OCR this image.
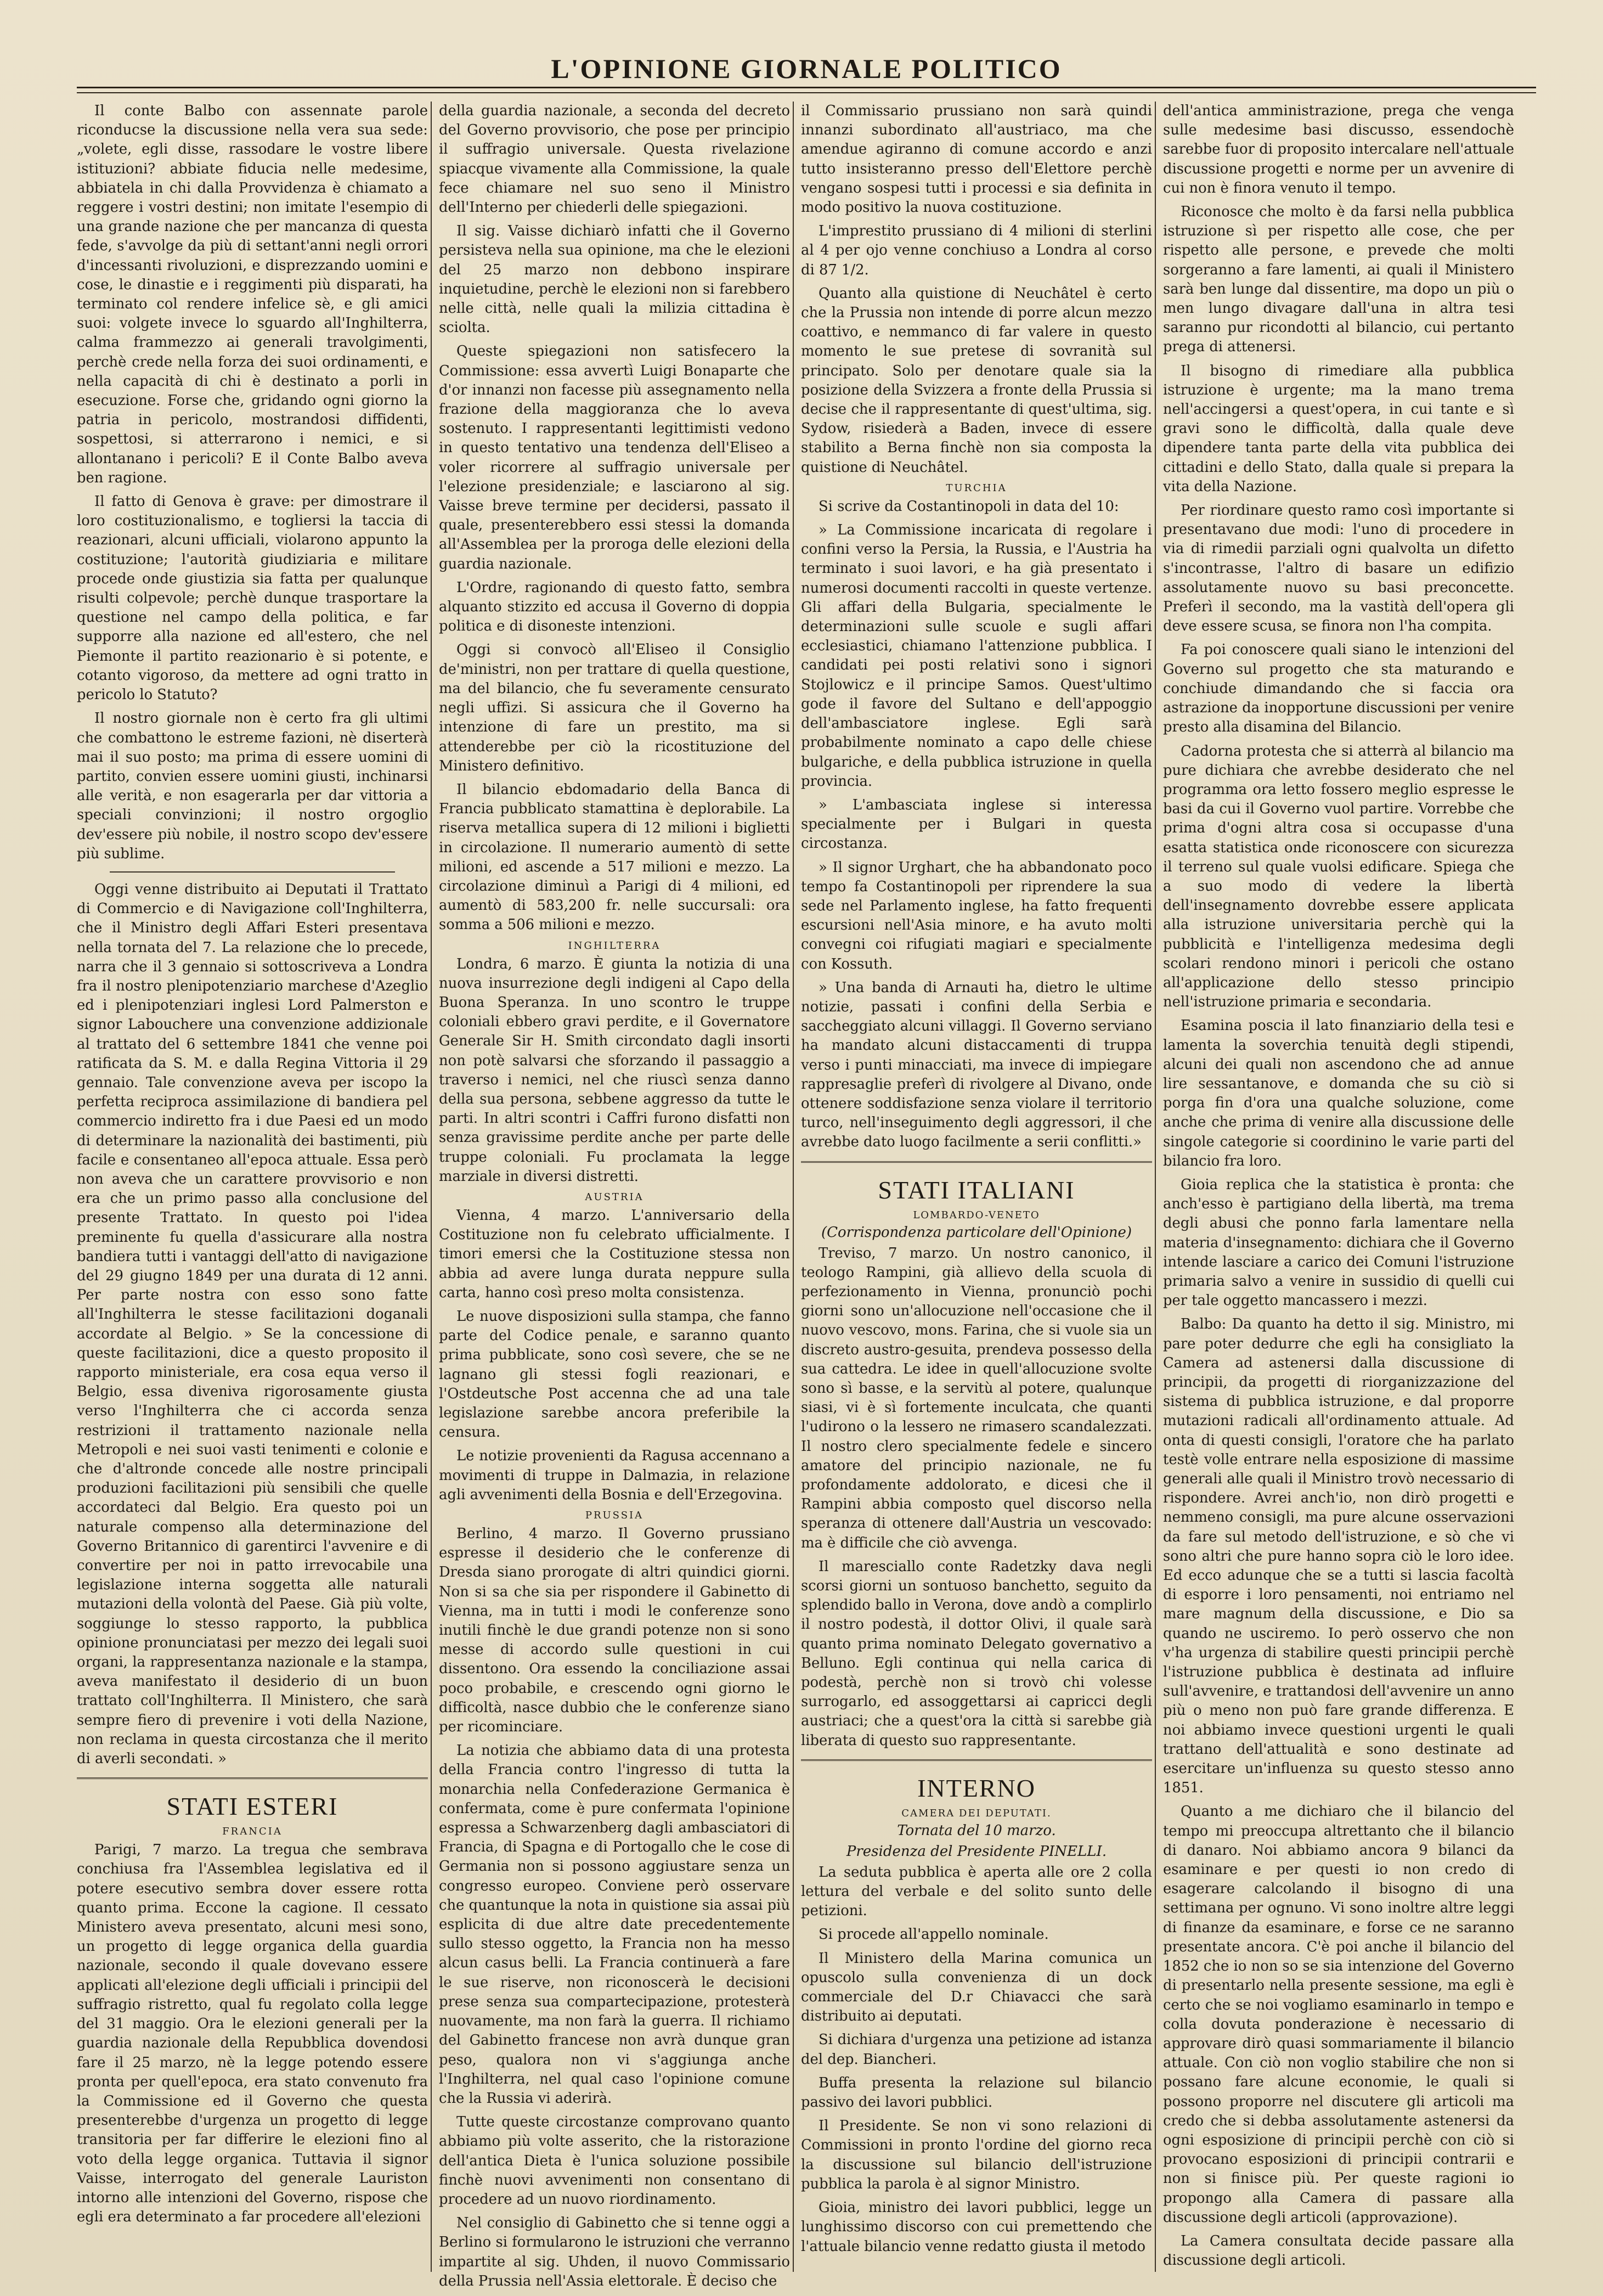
L'OPINIONE GIORNALE POLITICO

Il conte Balbo con assennate parole riconducse la discussione nella vera sua sede: „volete, egli disse, rassodare le vostre libere istituzioni? abbiate fiducia nelle medesime, abbiatela in chi dalla Provvidenza è chiamato a reggere i vostri destini; non imitate l'esempio di una grande nazione che per mancanza di questa fede, s'avvolge da più di settant'anni negli orrori d'incessanti rivoluzioni, e disprezzando uomini e cose, le dinastie e i reggimenti più disparati, ha terminato col rendere infelice sè, e gli amici suoi: volgete invece lo sguardo all'Inghilterra, calma frammezzo ai generali travolgimenti, perchè crede nella forza dei suoi ordinamenti, e nella capacità di chi è destinato a porli in esecuzione. Forse che, gridando ogni giorno la patria in pericolo, mostrandosi diffidenti, sospettosi, si atterrarono i nemici, e si allontanano i pericoli? E il Conte Balbo aveva ben ragione.

Il fatto di Genova è grave: per dimostrare il loro costituzionalismo, e togliersi la taccia di reazionari, alcuni ufficiali, violarono appunto la costituzione; l'autorità giudiziaria e militare procede onde giustizia sia fatta per qualunque risulti colpevole; perchè dunque trasportare la questione nel campo della politica, e far supporre alla nazione ed all'estero, che nel Piemonte il partito reazionario è si potente, e cotanto vigoroso, da mettere ad ogni tratto in pericolo lo Statuto?

Il nostro giornale non è certo fra gli ultimi che combattono le estreme fazioni, nè diserterà mai il suo posto; ma prima di essere uomini di partito, convien essere uomini giusti, inchinarsi alle verità, e non esagerarla per dar vittoria a speciali convinzioni; il nostro orgoglio dev'essere più nobile, il nostro scopo dev'essere più sublime.

Oggi venne distribuito ai Deputati il Trattato di Commercio e di Navigazione coll'Inghilterra, che il Ministro degli Affari Esteri presentava nella tornata del 7. La relazione che lo precede, narra che il 3 gennaio si sottoscriveva a Londra fra il nostro plenipotenziario marchese d'Azeglio ed i plenipotenziari inglesi Lord Palmerston e signor Labouchere una convenzione addizionale al trattato del 6 settembre 1841 che venne poi ratificata da S. M. e dalla Regina Vittoria il 29 gennaio. Tale convenzione aveva per iscopo la perfetta reciproca assimilazione di bandiera pel commercio indiretto fra i due Paesi ed un modo di determinare la nazionalità dei bastimenti, più facile e consentaneo all'epoca attuale. Essa però non aveva che un carattere provvisorio e non era che un primo passo alla conclusione del presente Trattato. In questo poi l'idea preminente fu quella d'assicurare alla nostra bandiera tutti i vantaggi dell'atto di navigazione del 29 giugno 1849 per una durata di 12 anni. Per parte nostra con esso sono fatte all'Inghilterra le stesse facilitazioni doganali accordate al Belgio. » Se la concessione di queste facilitazioni, dice a questo proposito il rapporto ministeriale, era cosa equa verso il Belgio, essa diveniva rigorosamente giusta verso l'Inghilterra che ci accorda senza restrizioni il trattamento nazionale nella Metropoli e nei suoi vasti tenimenti e colonie e che d'altronde concede alle nostre principali produzioni facilitazioni più sensibili che quelle accordateci dal Belgio. Era questo poi un naturale compenso alla determinazione del Governo Britannico di garentirci l'avvenire e di convertire per noi in patto irrevocabile una legislazione interna soggetta alle naturali mutazioni della volontà del Paese. Già più volte, soggiunge lo stesso rapporto, la pubblica opinione pronunciatasi per mezzo dei legali suoi organi, la rappresentanza nazionale e la stampa, aveva manifestato il desiderio di un buon trattato coll'Inghilterra. Il Ministero, che sarà sempre fiero di prevenire i voti della Nazione, non reclama in questa circostanza che il merito di averli secondati. »

STATI ESTERI
FRANCIA

Parigi, 7 marzo. La tregua che sembrava conchiusa fra l'Assemblea legislativa ed il potere esecutivo sembra dover essere rotta quanto prima. Eccone la cagione. Il cessato Ministero aveva presentato, alcuni mesi sono, un progetto di legge organica della guardia nazionale, secondo il quale dovevano essere applicati all'elezione degli ufficiali i principii del suffragio ristretto, qual fu regolato colla legge del 31 maggio. Ora le elezioni generali per la guardia nazionale della Repubblica dovendosi fare il 25 marzo, nè la legge potendo essere pronta per quell'epoca, era stato convenuto fra la Commissione ed il Governo che questa presenterebbe d'urgenza un progetto di legge transitoria per far differire le elezioni fino al voto della legge organica. Tuttavia il signor Vaisse, interrogato del generale Lauriston intorno alle intenzioni del Governo, rispose che egli era determinato a far procedere all'elezioni

della guardia nazionale, a seconda del decreto del Governo provvisorio, che pose per principio il suffragio universale. Questa rivelazione spiacque vivamente alla Commissione, la quale fece chiamare nel suo seno il Ministro dell'Interno per chiederli delle spiegazioni.

Il sig. Vaisse dichiarò infatti che il Governo persisteva nella sua opinione, ma che le elezioni del 25 marzo non debbono inspirare inquietudine, perchè le elezioni non si farebbero nelle città, nelle quali la milizia cittadina è sciolta.

Queste spiegazioni non satisfecero la Commissione: essa avvertì Luigi Bonaparte che d'or innanzi non facesse più assegnamento nella frazione della maggioranza che lo aveva sostenuto. I rappresentanti legittimisti vedono in questo tentativo una tendenza dell'Eliseo a voler ricorrere al suffragio universale per l'elezione presidenziale; e lasciarono al sig. Vaisse breve termine per decidersi, passato il quale, presenterebbero essi stessi la domanda all'Assemblea per la proroga delle elezioni della guardia nazionale.

L'Ordre, ragionando di questo fatto, sembra alquanto stizzito ed accusa il Governo di doppia politica e di disoneste intenzioni.

Oggi si convocò all'Eliseo il Consiglio de'ministri, non per trattare di quella questione, ma del bilancio, che fu severamente censurato negli uffizi. Si assicura che il Governo ha intenzione di fare un prestito, ma si attenderebbe per ciò la ricostituzione del Ministero definitivo.

Il bilancio ebdomadario della Banca di Francia pubblicato stamattina è deplorabile. La riserva metallica supera di 12 milioni i biglietti in circolazione. Il numerario aumentò di sette milioni, ed ascende a 517 milioni e mezzo. La circolazione diminuì a Parigi di 4 milioni, ed aumentò di 583,200 fr. nelle succursali: ora somma a 506 milioni e mezzo.

INGHILTERRA

Londra, 6 marzo. È giunta la notizia di una nuova insurrezione degli indigeni al Capo della Buona Speranza. In uno scontro le truppe coloniali ebbero gravi perdite, e il Governatore Generale Sir H. Smith circondato dagli insorti non potè salvarsi che sforzando il passaggio a traverso i nemici, nel che riuscì senza danno della sua persona, sebbene aggresso da tutte le parti. In altri scontri i Caffri furono disfatti non senza gravissime perdite anche per parte delle truppe coloniali. Fu proclamata la legge marziale in diversi distretti.

AUSTRIA

Vienna, 4 marzo. L'anniversario della Costituzione non fu celebrato ufficialmente. I timori emersi che la Costituzione stessa non abbia ad avere lunga durata neppure sulla carta, hanno così preso molta consistenza.

Le nuove disposizioni sulla stampa, che fanno parte del Codice penale, e saranno quanto prima pubblicate, sono così severe, che se ne lagnano gli stessi fogli reazionari, e l'Ostdeutsche Post accenna che ad una tale legislazione sarebbe ancora preferibile la censura.

Le notizie provenienti da Ragusa accennano a movimenti di truppe in Dalmazia, in relazione agli avvenimenti della Bosnia e dell'Erzegovina.

PRUSSIA

Berlino, 4 marzo. Il Governo prussiano espresse il desiderio che le conferenze di Dresda siano prorogate di altri quindici giorni. Non si sa che sia per rispondere il Gabinetto di Vienna, ma in tutti i modi le conferenze sono inutili finchè le due grandi potenze non si sono messe di accordo sulle questioni in cui dissentono. Ora essendo la conciliazione assai poco probabile, e crescendo ogni giorno le difficoltà, nasce dubbio che le conferenze siano per ricominciare.

La notizia che abbiamo data di una protesta della Francia contro l'ingresso di tutta la monarchia nella Confederazione Germanica è confermata, come è pure confermata l'opinione espressa a Schwarzenberg dagli ambasciatori di Francia, di Spagna e di Portogallo che le cose di Germania non si possono aggiustare senza un congresso europeo. Conviene però osservare che quantunque la nota in quistione sia assai più esplicita di due altre date precedentemente sullo stesso oggetto, la Francia non ha messo alcun casus belli. La Francia continuerà a fare le sue riserve, non riconoscerà le decisioni prese senza sua compartecipazione, protesterà nuovamente, ma non farà la guerra. Il richiamo del Gabinetto francese non avrà dunque gran peso, qualora non vi s'aggiunga anche l'Inghilterra, nel qual caso l'opinione comune che la Russia vi aderirà.

Tutte queste circostanze comprovano quanto abbiamo più volte asserito, che la ristorazione dell'antica Dieta è l'unica soluzione possibile finchè nuovi avvenimenti non consentano di procedere ad un nuovo riordinamento.

Nel consiglio di Gabinetto che si tenne oggi a Berlino si formularono le istruzioni che verranno impartite al sig. Uhden, il nuovo Commissario della Prussia nell'Assia elettorale. È deciso che

il Commissario prussiano non sarà quindi innanzi subordinato all'austriaco, ma che amendue agiranno di comune accordo e anzi tutto insisteranno presso dell'Elettore perchè vengano sospesi tutti i processi e sia definita in modo positivo la nuova costituzione.

L'imprestito prussiano di 4 milioni di sterlini al 4 per ojo venne conchiuso a Londra al corso di 87 1/2.

Quanto alla quistione di Neuchâtel è certo che la Prussia non intende di porre alcun mezzo coattivo, e nemmanco di far valere in questo momento le sue pretese di sovranità sul principato. Solo per denotare quale sia la posizione della Svizzera a fronte della Prussia si decise che il rappresentante di quest'ultima, sig. Sydow, risiederà a Baden, invece di essere stabilito a Berna finchè non sia composta la quistione di Neuchâtel.

TURCHIA

Si scrive da Costantinopoli in data del 10:

» La Commissione incaricata di regolare i confini verso la Persia, la Russia, e l'Austria ha terminato i suoi lavori, e ha già presentato i numerosi documenti raccolti in queste vertenze. Gli affari della Bulgaria, specialmente le determinazioni sulle scuole e sugli affari ecclesiastici, chiamano l'attenzione pubblica. I candidati pei posti relativi sono i signori Stojlowicz e il principe Samos. Quest'ultimo gode il favore del Sultano e dell'appoggio dell'ambasciatore inglese. Egli sarà probabilmente nominato a capo delle chiese bulgariche, e della pubblica istruzione in quella provincia.

» L'ambasciata inglese si interessa specialmente per i Bulgari in questa circostanza.

» Il signor Urghart, che ha abbandonato poco tempo fa Costantinopoli per riprendere la sua sede nel Parlamento inglese, ha fatto frequenti escursioni nell'Asia minore, e ha avuto molti convegni coi rifugiati magiari e specialmente con Kossuth.

» Una banda di Arnauti ha, dietro le ultime notizie, passati i confini della Serbia e saccheggiato alcuni villaggi. Il Governo serviano ha mandato alcuni distaccamenti di truppa verso i punti minacciati, ma invece di impiegare rappresaglie preferì di rivolgere al Divano, onde ottenere soddisfazione senza violare il territorio turco, nell'inseguimento degli aggressori, il che avrebbe dato luogo facilmente a serii conflitti.»

STATI ITALIANI
LOMBARDO-VENETO
(Corrispondenza particolare dell'Opinione)

Treviso, 7 marzo. Un nostro canonico, il teologo Rampini, già allievo della scuola di perfezionamento in Vienna, pronunciò pochi giorni sono un'allocuzione nell'occasione che il nuovo vescovo, mons. Farina, che si vuole sia un discreto austro-gesuita, prendeva possesso della sua cattedra. Le idee in quell'allocuzione svolte sono sì basse, e la servitù al potere, qualunque siasi, vi è sì fortemente inculcata, che quanti l'udirono o la lessero ne rimasero scandalezzati. Il nostro clero specialmente fedele e sincero amatore del principio nazionale, ne fu profondamente addolorato, e dicesi che il Rampini abbia composto quel discorso nella speranza di ottenere dall'Austria un vescovado: ma è difficile che ciò avvenga.

Il maresciallo conte Radetzky dava negli scorsi giorni un sontuoso banchetto, seguito da splendido ballo in Verona, dove andò a complirlo il nostro podestà, il dottor Olivi, il quale sarà quanto prima nominato Delegato governativo a Belluno. Egli continua qui nella carica di podestà, perchè non si trovò chi volesse surrogarlo, ed assoggettarsi ai capricci degli austriaci; che a quest'ora la città si sarebbe già liberata di questo suo rappresentante.

INTERNO
CAMERA DEI DEPUTATI.
Tornata del 10 marzo.
Presidenza del Presidente PINELLI.

La seduta pubblica è aperta alle ore 2 colla lettura del verbale e del solito sunto delle petizioni.

Si procede all'appello nominale.

Il Ministero della Marina comunica un opuscolo sulla convenienza di un dock commerciale del D.r Chiavacci che sarà distribuito ai deputati.

Si dichiara d'urgenza una petizione ad istanza del dep. Biancheri.

Buffa presenta la relazione sul bilancio passivo dei lavori pubblici.

Il Presidente. Se non vi sono relazioni di Commissioni in pronto l'ordine del giorno reca la discussione sul bilancio dell'istruzione pubblica la parola è al signor Ministro.

Gioia, ministro dei lavori pubblici, legge un lunghissimo discorso con cui premettendo che l'attuale bilancio venne redatto giusta il metodo

dell'antica amministrazione, prega che venga sulle medesime basi discusso, essendochè sarebbe fuor di proposito intercalare nell'attuale discussione progetti e norme per un avvenire di cui non è finora venuto il tempo.

Riconosce che molto è da farsi nella pubblica istruzione sì per rispetto alle cose, che per rispetto alle persone, e prevede che molti sorgeranno a fare lamenti, ai quali il Ministero sarà ben lunge dal dissentire, ma dopo un più o men lungo divagare dall'una in altra tesi saranno pur ricondotti al bilancio, cui pertanto prega di attenersi.

Il bisogno di rimediare alla pubblica istruzione è urgente; ma la mano trema nell'accingersi a quest'opera, in cui tante e sì gravi sono le difficoltà, dalla quale deve dipendere tanta parte della vita pubblica dei cittadini e dello Stato, dalla quale si prepara la vita della Nazione.

Per riordinare questo ramo così importante si presentavano due modi: l'uno di procedere in via di rimedii parziali ogni qualvolta un difetto s'incontrasse, l'altro di basare un edifizio assolutamente nuovo su basi preconcette. Preferì il secondo, ma la vastità dell'opera gli deve essere scusa, se finora non l'ha compita.

Fa poi conoscere quali siano le intenzioni del Governo sul progetto che sta maturando e conchiude dimandando che si faccia ora astrazione da inopportune discussioni per venire presto alla disamina del Bilancio.

Cadorna protesta che si atterrà al bilancio ma pure dichiara che avrebbe desiderato che nel programma ora letto fossero meglio espresse le basi da cui il Governo vuol partire. Vorrebbe che prima d'ogni altra cosa si occupasse d'una esatta statistica onde riconoscere con sicurezza il terreno sul quale vuolsi edificare. Spiega che a suo modo di vedere la libertà dell'insegnamento dovrebbe essere applicata alla istruzione universitaria perchè qui la pubblicità e l'intelligenza medesima degli scolari rendono minori i pericoli che ostano all'applicazione dello stesso principio nell'istruzione primaria e secondaria.

Esamina poscia il lato finanziario della tesi e lamenta la soverchia tenuità degli stipendi, alcuni dei quali non ascendono che ad annue lire sessantanove, e domanda che su ciò si porga fin d'ora una qualche soluzione, come anche che prima di venire alla discussione delle singole categorie si coordinino le varie parti del bilancio fra loro.

Gioia replica che la statistica è pronta: che anch'esso è partigiano della libertà, ma trema degli abusi che ponno farla lamentare nella materia d'insegnamento: dichiara che il Governo intende lasciare a carico dei Comuni l'istruzione primaria salvo a venire in sussidio di quelli cui per tale oggetto mancassero i mezzi.

Balbo: Da quanto ha detto il sig. Ministro, mi pare poter dedurre che egli ha consigliato la Camera ad astenersi dalla discussione di principii, da progetti di riorganizzazione del sistema di pubblica istruzione, e dal proporre mutazioni radicali all'ordinamento attuale. Ad onta di questi consigli, l'oratore che ha parlato testè volle entrare nella esposizione di massime generali alle quali il Ministro trovò necessario di rispondere. Avrei anch'io, non dirò progetti e nemmeno consigli, ma pure alcune osservazioni da fare sul metodo dell'istruzione, e sò che vi sono altri che pure hanno sopra ciò le loro idee. Ed ecco adunque che se a tutti si lascia facoltà di esporre i loro pensamenti, noi entriamo nel mare magnum della discussione, e Dio sa quando ne usciremo. Io però osservo che non v'ha urgenza di stabilire questi principii perchè l'istruzione pubblica è destinata ad influire sull'avvenire, e trattandosi dell'avvenire un anno più o meno non può fare grande differenza. E noi abbiamo invece questioni urgenti le quali trattano dell'attualità e sono destinate ad esercitare un'influenza su questo stesso anno 1851.

Quanto a me dichiaro che il bilancio del tempo mi preoccupa altrettanto che il bilancio di danaro. Noi abbiamo ancora 9 bilanci da esaminare e per questi io non credo di esagerare calcolando il bisogno di una settimana per ognuno. Vi sono inoltre altre leggi di finanze da esaminare, e forse ce ne saranno presentate ancora. C'è poi anche il bilancio del 1852 che io non so se sia intenzione del Governo di presentarlo nella presente sessione, ma egli è certo che se noi vogliamo esaminarlo in tempo e colla dovuta ponderazione è necessario di approvare dirò quasi sommariamente il bilancio attuale. Con ciò non voglio stabilire che non si possano fare alcune economie, le quali si possono proporre nel discutere gli articoli ma credo che si debba assolutamente astenersi da ogni esposizione di principii perchè con ciò si provocano esposizioni di principii contrarii e non si finisce più. Per queste ragioni io propongo alla Camera di passare alla discussione degli articoli (approvazione).

La Camera consultata decide passare alla discussione degli articoli.
